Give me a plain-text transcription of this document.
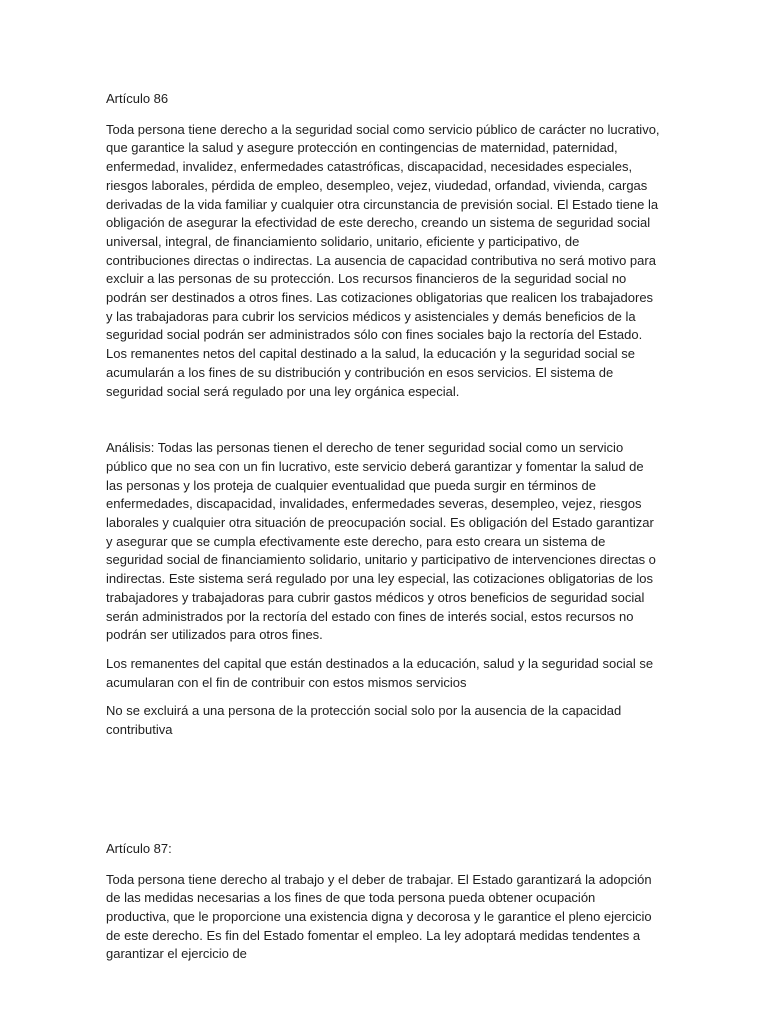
Artículo 86

Toda persona tiene derecho a la seguridad social como servicio público de carácter no lucrativo, que garantice la salud y asegure protección en contingencias de maternidad, paternidad, enfermedad, invalidez, enfermedades catastróficas, discapacidad, necesidades especiales, riesgos laborales, pérdida de empleo, desempleo, vejez, viudedad, orfandad, vivienda, cargas derivadas de la vida familiar y cualquier otra circunstancia de previsión social. El Estado tiene la obligación de asegurar la efectividad de este derecho, creando un sistema de seguridad social universal, integral, de financiamiento solidario, unitario, eficiente y participativo, de contribuciones directas o indirectas. La ausencia de capacidad contributiva no será motivo para excluir a las personas de su protección. Los recursos financieros de la seguridad social no podrán ser destinados a otros fines. Las cotizaciones obligatorias que realicen los trabajadores y las trabajadoras para cubrir los servicios médicos y asistenciales y demás beneficios de la seguridad social podrán ser administrados sólo con fines sociales bajo la rectoría del Estado. Los remanentes netos del capital destinado a la salud, la educación y la seguridad social se acumularán a los fines de su distribución y contribución en esos servicios. El sistema de seguridad social será regulado por una ley orgánica especial.

Análisis: Todas las personas tienen el derecho de tener seguridad social como un servicio público que no sea con un fin lucrativo, este servicio deberá garantizar y fomentar la salud de las personas y los proteja de cualquier eventualidad que pueda surgir en términos de enfermedades, discapacidad, invalidades, enfermedades severas, desempleo, vejez, riesgos laborales y cualquier otra situación de preocupación social. Es obligación del Estado garantizar y asegurar que se cumpla efectivamente este derecho, para esto creara un sistema de seguridad social de financiamiento solidario, unitario y participativo de intervenciones directas o indirectas. Este sistema será regulado por una ley especial, las cotizaciones obligatorias de los trabajadores y trabajadoras para cubrir gastos médicos y otros beneficios de seguridad social serán administrados por la rectoría del estado con fines de interés social, estos recursos no podrán ser utilizados para otros fines.

Los remanentes del capital que están destinados a la educación, salud y la seguridad social se acumularan con el fin de contribuir con estos mismos servicios

No se excluirá a una persona de la protección social solo por la ausencia de la capacidad contributiva

Artículo 87:

Toda persona tiene derecho al trabajo y el deber de trabajar. El Estado garantizará la adopción de las medidas necesarias a los fines de que toda persona pueda obtener ocupación productiva, que le proporcione una existencia digna y decorosa y le garantice el pleno ejercicio de este derecho. Es fin del Estado fomentar el empleo. La ley adoptará medidas tendentes a garantizar el ejercicio de
